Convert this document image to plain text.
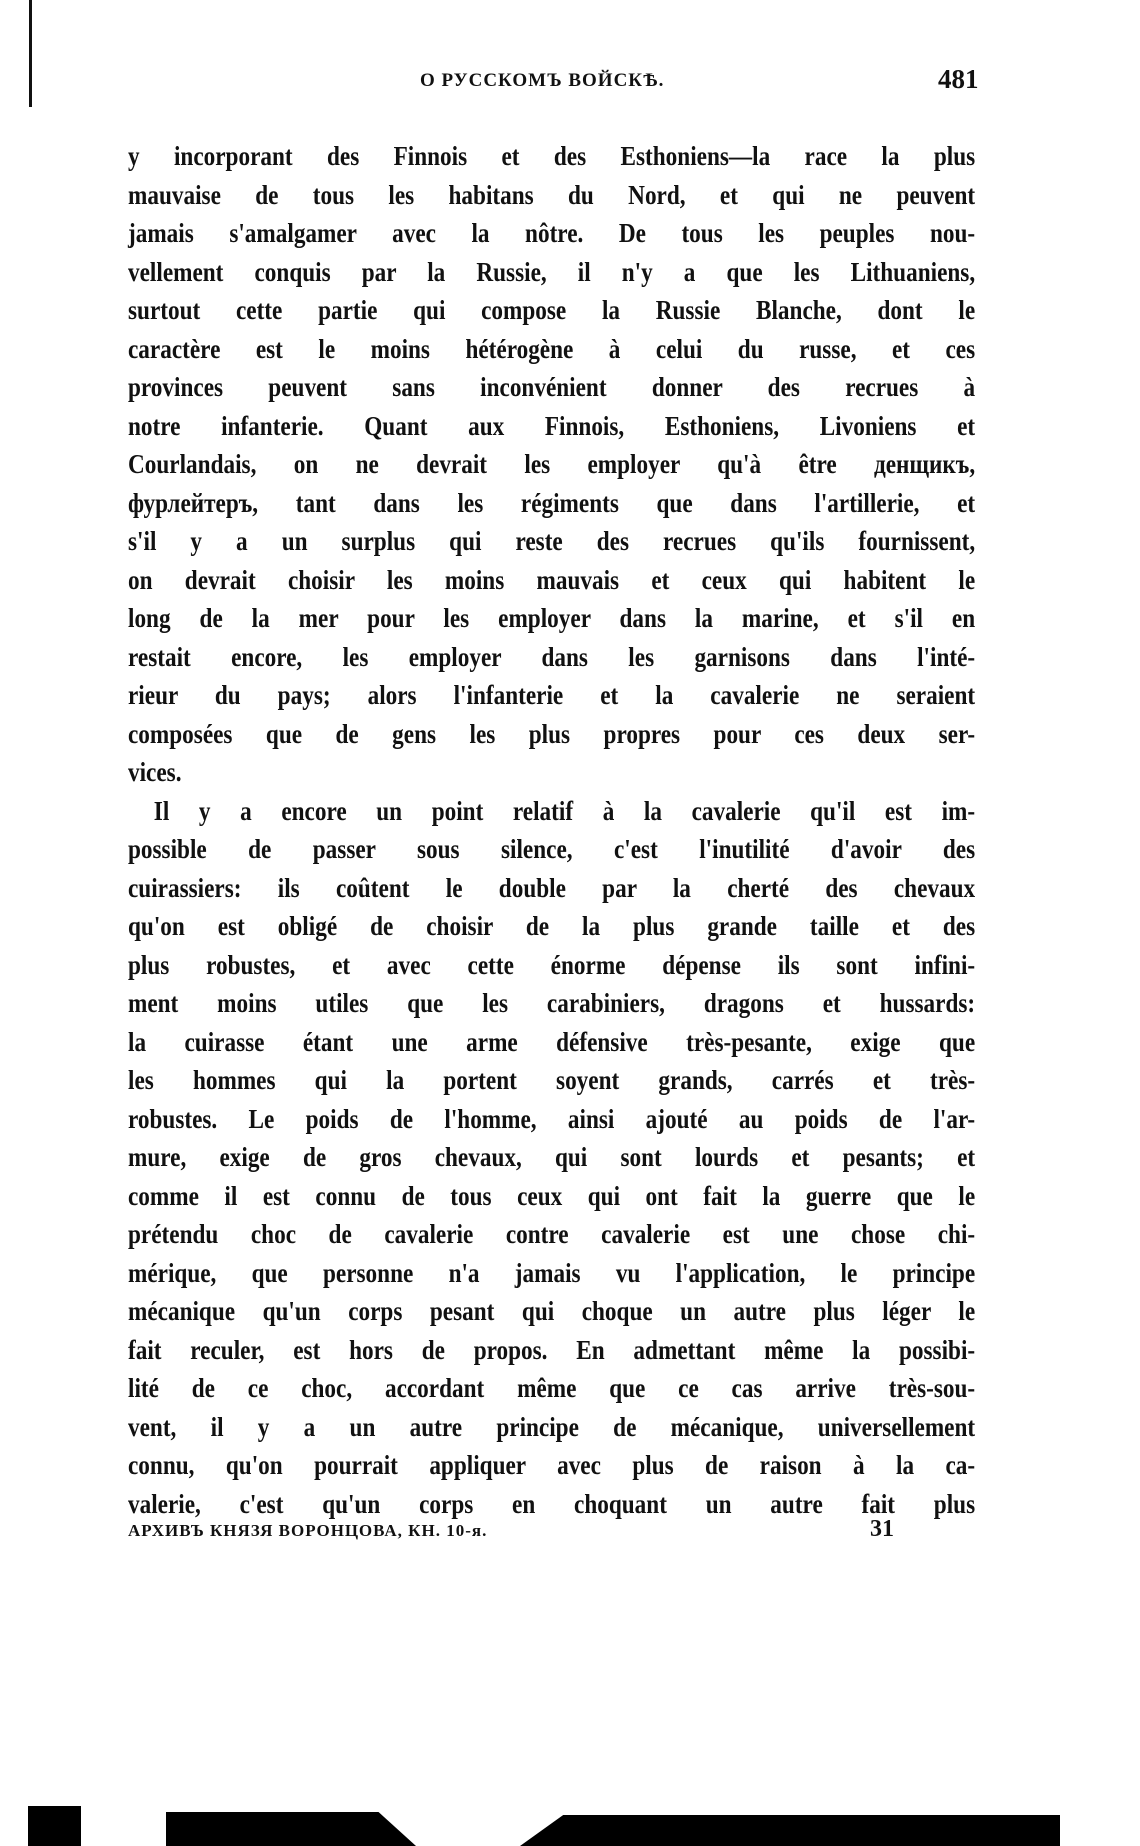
О РУССКОМЪ ВОЙСКѢ.	481
y incorporant des Finnois et des Esthoniens—la race la plus
mauvaise de tous les habitans du Nord, et qui ne peuvent
jamais s'amalgamer avec la nôtre. De tous les peuples nou-
vellement conquis par la Russie, il n'y a que les Lithuaniens,
surtout cette partie qui compose la Russie Blanche, dont le
caractère est le moins hétérogène à celui du russe, et ces
provinces peuvent sans inconvénient donner des recrues à
notre infanterie. Quant aux Finnois, Esthoniens, Livoniens et
Courlandais, on ne devrait les employer qu'à être денщикъ,
фурлейтеръ, tant dans les régiments que dans l'artillerie, et
s'il y a un surplus qui reste des recrues qu'ils fournissent,
on devrait choisir les moins mauvais et ceux qui habitent le
long de la mer pour les employer dans la marine, et s'il en
restait encore, les employer dans les garnisons dans l'inté-
rieur du pays; alors l'infanterie et la cavalerie ne seraient
composées que de gens les plus propres pour ces deux ser-
vices.
Il y a encore un point relatif à la cavalerie qu'il est im-
possible de passer sous silence, c'est l'inutilité d'avoir des
cuirassiers: ils coûtent le double par la cherté des chevaux
qu'on est obligé de choisir de la plus grande taille et des
plus robustes, et avec cette énorme dépense ils sont infini-
ment moins utiles que les carabiniers, dragons et hussards:
la cuirasse étant une arme défensive très-pesante, exige que
les hommes qui la portent soyent grands, carrés et très-
robustes. Le poids de l'homme, ainsi ajouté au poids de l'ar-
mure, exige de gros chevaux, qui sont lourds et pesants; et
comme il est connu de tous ceux qui ont fait la guerre que le
prétendu choc de cavalerie contre cavalerie est une chose chi-
mérique, que personne n'a jamais vu l'application, le principe
mécanique qu'un corps pesant qui choque un autre plus léger le
fait reculer, est hors de propos. En admettant même la possibi-
lité de ce choc, accordant même que ce cas arrive très-sou-
vent, il y a un autre principe de mécanique, universellement
connu, qu'on pourrait appliquer avec plus de raison à la ca-
valerie, c'est qu'un corps en choquant un autre fait plus
АРХИВЪ КНЯЗЯ ВОРОНЦОВА, КН. 10-я.	31
